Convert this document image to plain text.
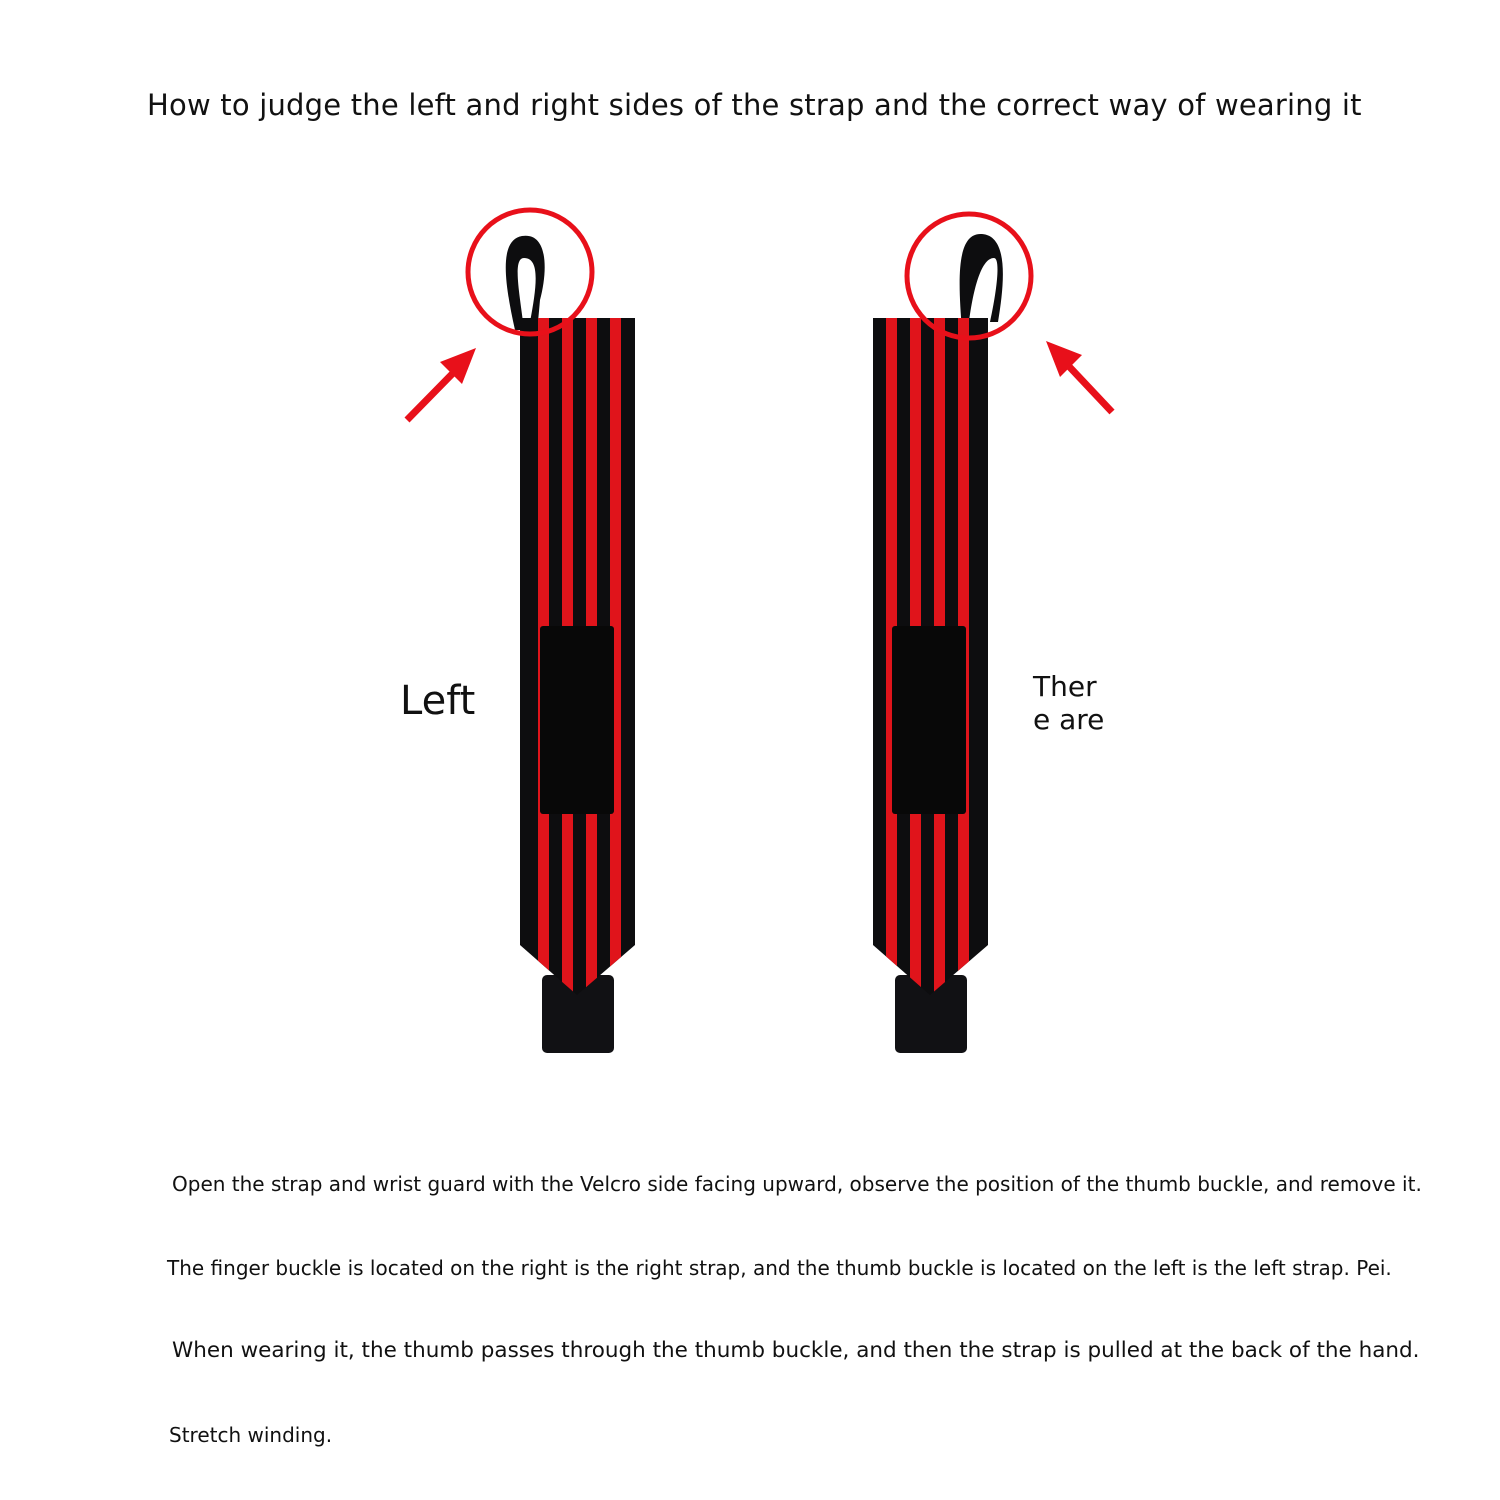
How to judge the left and right sides of the strap and the correct way of wearing it
Left	Ther
e are
Open the strap and wrist guard with the Velcro side facing upward, observe the position of the thumb buckle, and remove it.
The finger buckle is located on the right is the right strap, and the thumb buckle is located on the left is the left strap. Pei.
When wearing it, the thumb passes through the thumb buckle, and then the strap is pulled at the back of the hand.
Stretch winding.
